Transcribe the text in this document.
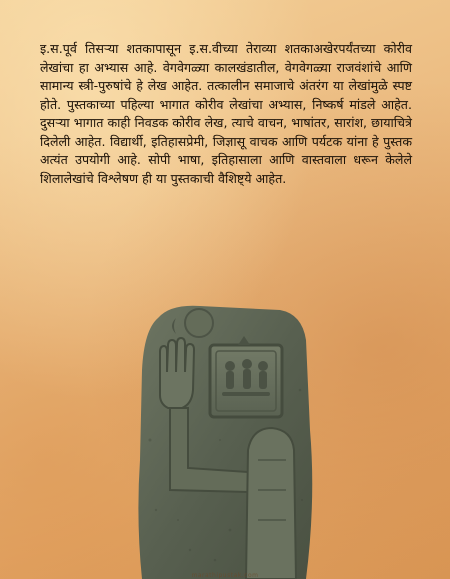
इ.स.पूर्व तिसऱ्या शतकापासून इ.स.वीच्या तेराव्या शतकाअखेरपर्यंतच्या कोरीव लेखांचा हा अभ्यास आहे. वेगवेगळ्या कालखंडातील, वेगवेगळ्या राजवंशांचे आणि सामान्य स्त्री-पुरुषांचे हे लेख आहेत. तत्कालीन समाजाचे अंतरंग या लेखांमुळे स्पष्ट होते. पुस्तकाच्या पहिल्या भागात कोरीव लेखांचा अभ्यास, निष्कर्ष मांडले आहेत. दुसऱ्या भागात काही निवडक कोरीव लेख, त्याचे वाचन, भाषांतर, सारांश, छायाचित्रे दिलेली आहेत. विद्यार्थी, इतिहासप्रेमी, जिज्ञासू वाचक आणि पर्यटक यांना हे पुस्तक अत्यंत उपयोगी आहे. सोपी भाषा, इतिहासाला आणि वास्तवाला धरून केलेले शिलालेखांचे विश्लेषण ही या पुस्तकाची वैशिष्ट्ये आहेत.

marathipustak.com
